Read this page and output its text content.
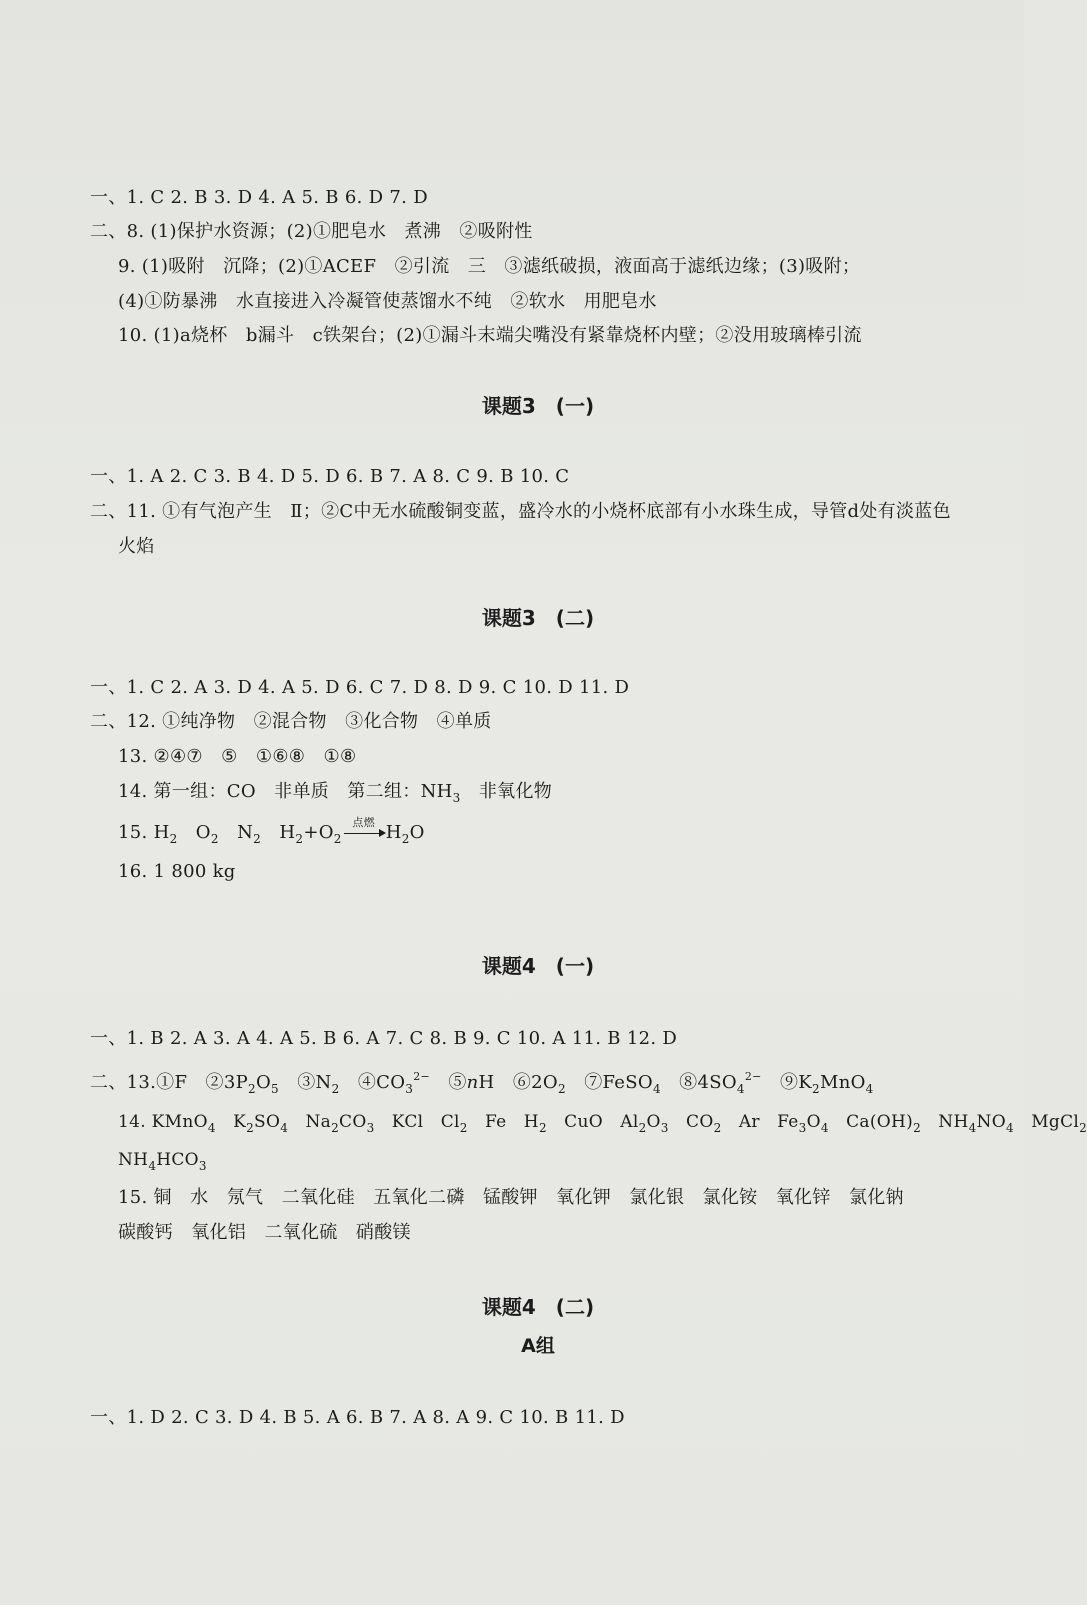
一、1. C 2. B 3. D 4. A 5. B 6. D 7. D
二、8. (1)保护水资源；(2)①肥皂水　煮沸　②吸附性
9. (1)吸附　沉降；(2)①ACEF　②引流　三　③滤纸破损，液面高于滤纸边缘；(3)吸附；
(4)①防暴沸　水直接进入冷凝管使蒸馏水不纯　②软水　用肥皂水
10. (1)a烧杯　b漏斗　c铁架台；(2)①漏斗末端尖嘴没有紧靠烧杯内壁；②没用玻璃棒引流
课题3　(一)
一、1. A 2. C 3. B 4. D 5. D 6. B 7. A 8. C 9. B 10. C
二、11. ①有气泡产生　Ⅱ；②C中无水硫酸铜变蓝，盛冷水的小烧杯底部有小水珠生成，导管d处有淡蓝色
火焰
课题3　(二)
一、1. C 2. A 3. D 4. A 5. D 6. C 7. D 8. D 9. C 10. D 11. D
二、12. ①纯净物　②混合物　③化合物　④单质
13. ②④⑦　⑤　①⑥⑧　①⑧
14. 第一组：CO　非单质　第二组：$NH_3$　非氧化物
15. $H_2$　$O_2$　$N_2$　$H_2+O_2$
点燃 $H_2O$
16. 1 800 kg
课题4　(一)
一、1. B 2. A 3. A 4. A 5. B 6. A 7. C 8. B 9. C 10. A 11. B 12. D
二、13.①F　$②3P_2O_5$　$③N_2$　$④CO_3^{2-}$　⑤nH　$⑥2O_2$　⑦FeSO$_4$　$⑧4SO_4^{2-}$　$⑨K_2MnO_4$
14. KMnO$_4$　$K_2SO_4$　$Na_2CO_3$　KCl　$Cl_2$　Fe　$H_2$　CuO　$Al_2O_3$　$CO_2$　Ar　$Fe_3O_4$　$Ca(OH)_2$　$NH_4NO_4$　MgCl$_2$
$NH_4HCO_3$
15. 铜　水　氖气　二氧化硅　五氧化二磷　锰酸钾　氧化钾　氯化银　氯化铵　氧化锌　氯化钠
碳酸钙　氧化铝　二氧化硫　硝酸镁
课题4　(二)
A组
一、1. D 2. C 3. D 4. B 5. A 6. B 7. A 8. A 9. C 10. B 11. D
